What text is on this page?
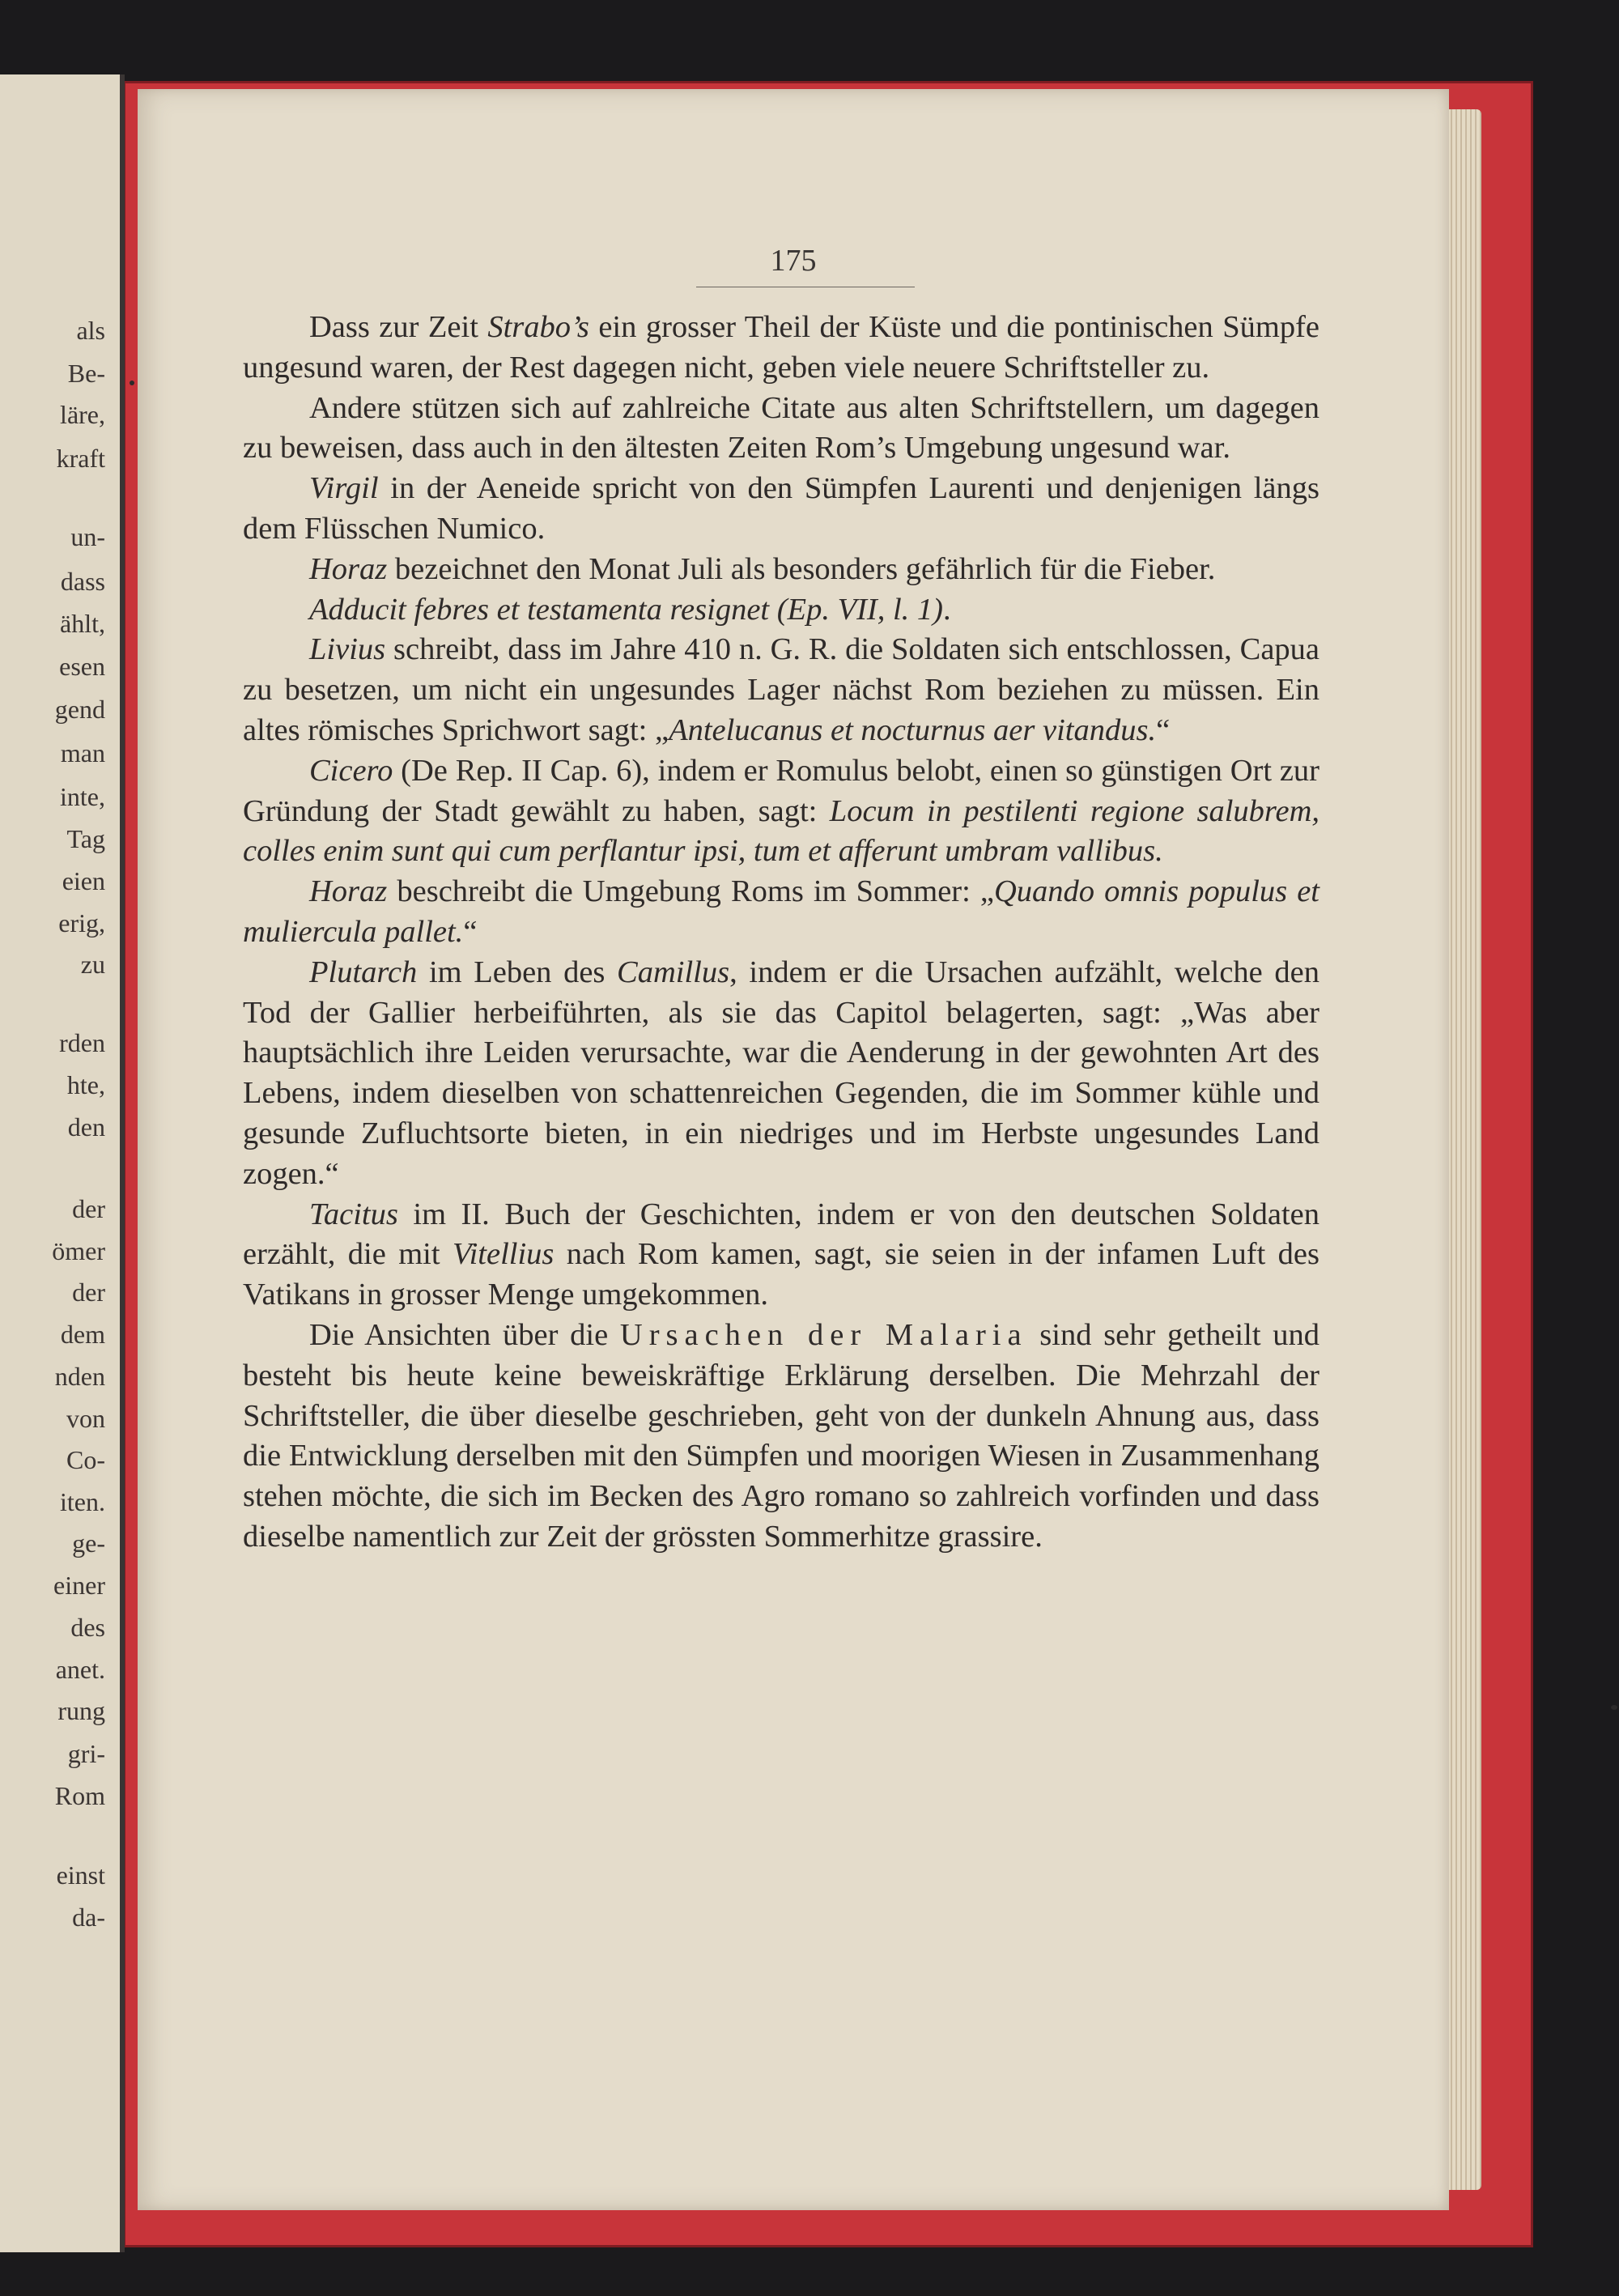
als
Be-
läre,
kraft
un-
dass
ählt,
esen
gend
man
inte,
Tag
eien
erig,
zu
rden
hte,
den
der
ömer
der
dem
nden
von
Co-
iten.
ge-
einer
des
anet.
rung
gri-
Rom
einst
da-
175

Dass zur Zeit Strabo’s ein grosser Theil der Küste und die pontinischen Sümpfe ungesund waren, der Rest dagegen nicht, geben viele neuere Schriftsteller zu.

Andere stützen sich auf zahlreiche Citate aus alten Schriftstellern, um dagegen zu beweisen, dass auch in den ältesten Zeiten Rom’s Umgebung ungesund war.

Virgil in der Aeneide spricht von den Sümpfen Laurenti und denjenigen längs dem Flüsschen Numico.

Horaz bezeichnet den Monat Juli als besonders gefährlich für die Fieber.

Adducit febres et testamenta resignet (Ep. VII, l. 1).

Livius schreibt, dass im Jahre 410 n. G. R. die Soldaten sich entschlossen, Capua zu besetzen, um nicht ein ungesundes Lager nächst Rom beziehen zu müssen. Ein altes römisches Sprichwort sagt: „Antelucanus et nocturnus aer vitandus.“

Cicero (De Rep. II Cap. 6), indem er Romulus belobt, einen so günstigen Ort zur Gründung der Stadt gewählt zu haben, sagt: Locum in pestilenti regione salubrem, colles enim sunt qui cum perflantur ipsi, tum et afferunt umbram vallibus.

Horaz beschreibt die Umgebung Roms im Sommer: „Quando omnis populus et muliercula pallet.“

Plutarch im Leben des Camillus, indem er die Ursachen aufzählt, welche den Tod der Gallier herbeiführten, als sie das Capitol belagerten, sagt: „Was aber hauptsächlich ihre Leiden verursachte, war die Aenderung in der gewohnten Art des Lebens, indem dieselben von schattenreichen Gegenden, die im Sommer kühle und gesunde Zufluchtsorte bieten, in ein niedriges und im Herbste ungesundes Land zogen.“

Tacitus im II. Buch der Geschichten, indem er von den deutschen Soldaten erzählt, die mit Vitellius nach Rom kamen, sagt, sie seien in der infamen Luft des Vatikans in grosser Menge umgekommen.

Die Ansichten über die Ursachen der Malaria sind sehr getheilt und besteht bis heute keine beweiskräftige Erklärung derselben. Die Mehrzahl der Schriftsteller, die über dieselbe geschrieben, geht von der dunkeln Ahnung aus, dass die Entwicklung derselben mit den Sümpfen und moorigen Wiesen in Zusammenhang stehen möchte, die sich im Becken des Agro romano so zahlreich vorfinden und dass dieselbe namentlich zur Zeit der grössten Sommerhitze grassire.
